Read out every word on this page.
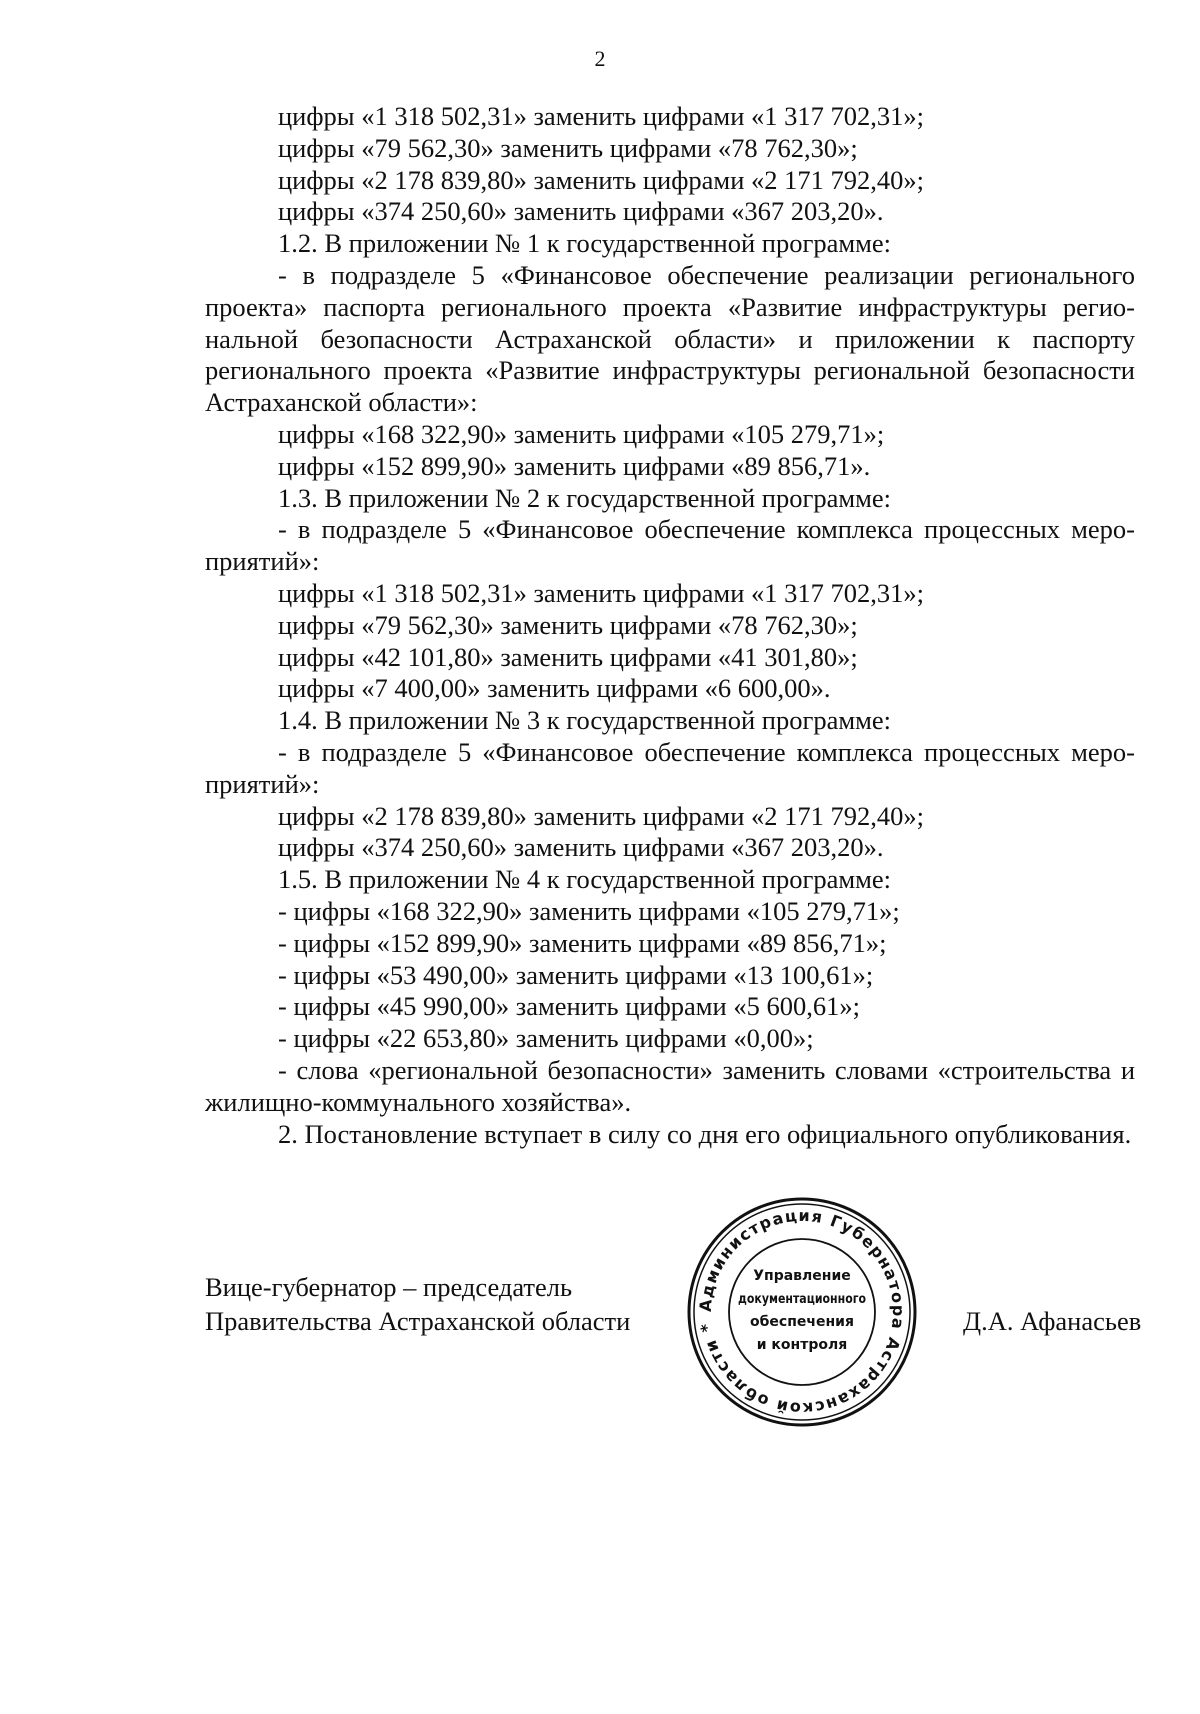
2

цифры «1 318 502,31» заменить цифрами «1 317 702,31»;

цифры «79 562,30» заменить цифрами «78 762,30»;

цифры «2 178 839,80» заменить цифрами «2 171 792,40»;

цифры «374 250,60» заменить цифрами «367 203,20».

1.2. В приложении № 1 к государственной программе:

- в подразделе 5 «Финансовое обеспечение реализации регионального проекта» паспорта регионального проекта «Развитие инфраструктуры региональной безопасности Астраханской области» и приложении к паспорту регионального проекта «Развитие инфраструктуры региональной безопасности Астраханской области»:

цифры «168 322,90» заменить цифрами «105 279,71»;

цифры «152 899,90» заменить цифрами «89 856,71».

1.3. В приложении № 2 к государственной программе:

- в подразделе 5 «Финансовое обеспечение комплекса процессных мероприятий»:

цифры «1 318 502,31» заменить цифрами «1 317 702,31»;

цифры «79 562,30» заменить цифрами «78 762,30»;

цифры «42 101,80» заменить цифрами «41 301,80»;

цифры «7 400,00» заменить цифрами «6 600,00».

1.4. В приложении № 3 к государственной программе:

- в подразделе 5 «Финансовое обеспечение комплекса процессных мероприятий»:

цифры «2 178 839,80» заменить цифрами «2 171 792,40»;

цифры «374 250,60» заменить цифрами «367 203,20».

1.5. В приложении № 4 к государственной программе:

- цифры «168 322,90» заменить цифрами «105 279,71»;

- цифры «152 899,90» заменить цифрами «89 856,71»;

- цифры «53 490,00» заменить цифрами «13 100,61»;

- цифры «45 990,00» заменить цифрами «5 600,61»;

- цифры «22 653,80» заменить цифрами «0,00»;

- слова «региональной безопасности» заменить словами «строительства и жилищно-коммунального хозяйства».

2. Постановление вступает в силу со дня его официального опубликования.

Вице-губернатор – председатель
Правительства Астраханской области	Д.А. Афанасьев
Администрация Губернатора Астраханской области *
Управление
документационного
обеспечения
и контроля
